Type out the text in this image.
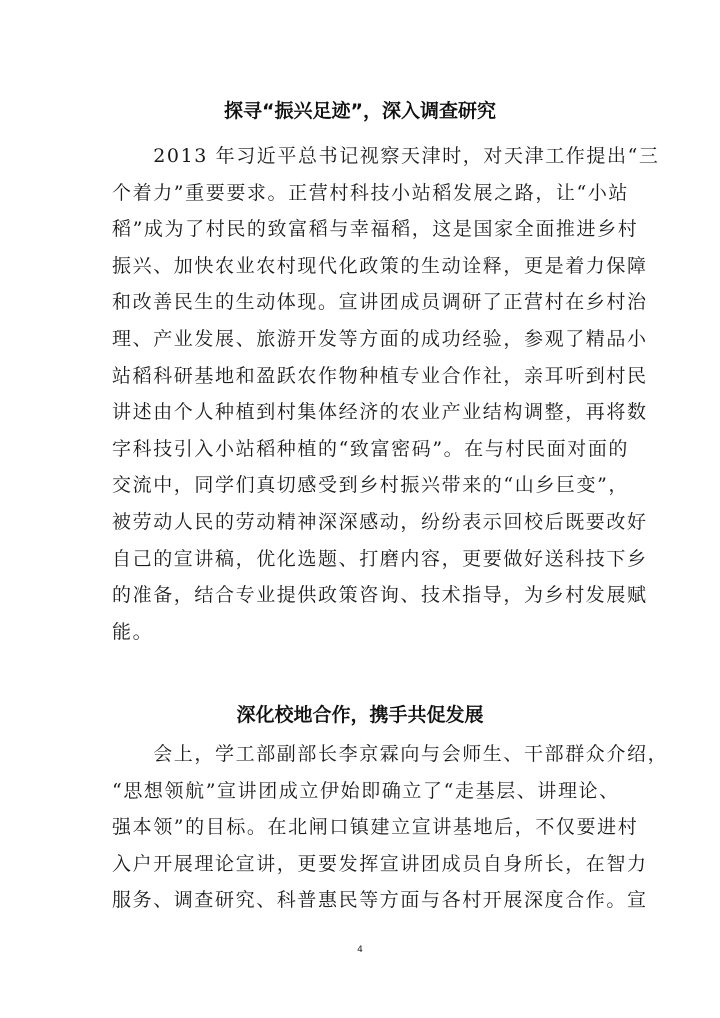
探寻“振兴足迹”，深入调查研究
　　2013 年习近平总书记视察天津时，对天津工作提出“三
个着力”重要要求。正营村科技小站稻发展之路，让“小站
稻”成为了村民的致富稻与幸福稻，这是国家全面推进乡村
振兴、加快农业农村现代化政策的生动诠释，更是着力保障
和改善民生的生动体现。宣讲团成员调研了正营村在乡村治
理、产业发展、旅游开发等方面的成功经验，参观了精品小
站稻科研基地和盈跃农作物种植专业合作社，亲耳听到村民
讲述由个人种植到村集体经济的农业产业结构调整，再将数
字科技引入小站稻种植的“致富密码”。在与村民面对面的
交流中，同学们真切感受到乡村振兴带来的“山乡巨变”，
被劳动人民的劳动精神深深感动，纷纷表示回校后既要改好
自己的宣讲稿，优化选题、打磨内容，更要做好送科技下乡
的准备，结合专业提供政策咨询、技术指导，为乡村发展赋
能。
深化校地合作，携手共促发展
　　会上，学工部副部长李京霖向与会师生、干部群众介绍，
“思想领航”宣讲团成立伊始即确立了“走基层、讲理论、
强本领”的目标。在北闸口镇建立宣讲基地后，不仅要进村
入户开展理论宣讲，更要发挥宣讲团成员自身所长，在智力
服务、调查研究、科普惠民等方面与各村开展深度合作。宣
4
